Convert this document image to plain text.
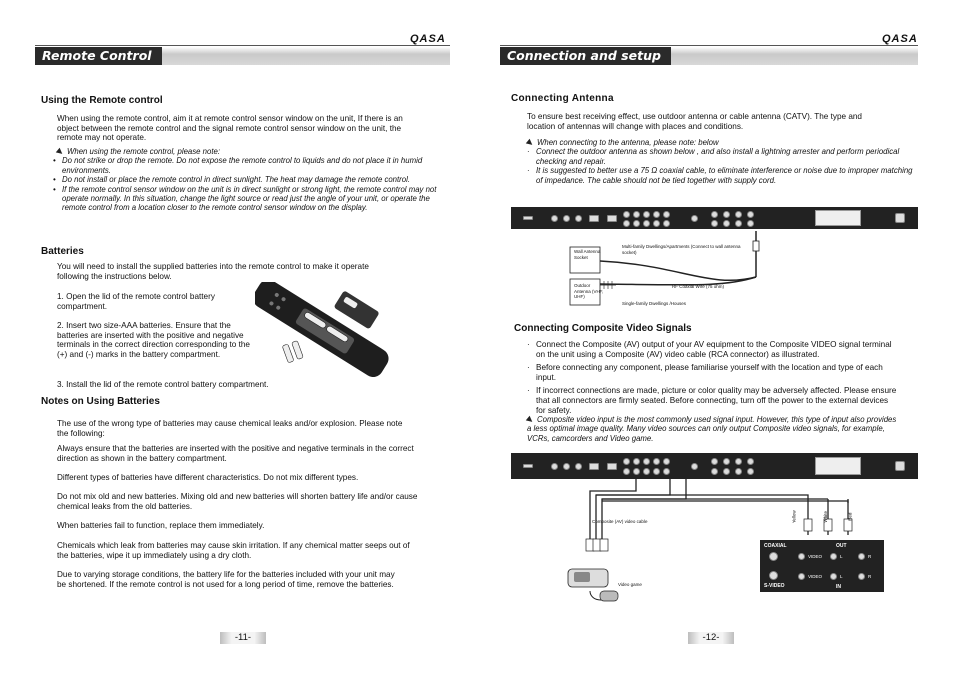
QASA
Remote Control
Using the Remote control

When using the remote control, aim it at remote control sensor window on the unit, If there is an object between the remote control and the signal remote control sensor window on the unit, the remote may not operate.

When using the remote control, please note:

• Do not strike or drop the remote. Do not expose the remote control to liquids and do not place it in humid environments.
• Do not install or place the remote control in direct sunlight. The heat may damage the remote control.
• If the remote control sensor window on the unit is in direct sunlight or strong light, the remote control may not operate normally. In this situation, change the light source or read just the angle of your unit, or operate the remote control from a location closer to the remote control sensor window on the display.
Batteries

You will need to install the supplied batteries into the remote control to make it operate following the instructions below.

1. Open the lid of the remote control battery compartment.

2. Insert two size-AAA batteries. Ensure that the batteries are inserted with the positive and negative terminals in the correct direction corresponding to the (+) and (-) marks in the battery compartment.

3. Install the lid of the remote control battery compartment.

Notes on Using Batteries

The use of the wrong type of batteries may cause chemical leaks and/or explosion. Please note the following:

Always ensure that the batteries are inserted with the positive and negative terminals in the correct direction as shown in the battery compartment.

Different types of batteries have different characteristics. Do not mix different types.

Do not mix old and new batteries. Mixing old and new batteries will shorten battery life and/or cause chemical leaks from the old batteries.

When batteries fail to function, replace them immediately.

Chemicals which leak from batteries may cause skin irritation. If any chemical matter seeps out of the batteries, wipe it up immediately using a dry cloth.

Due to varying storage conditions, the battery life for the batteries included with your unit may be shortened. If the remote control is not used for a long period of time, remove the batteries.

-11-
QASA
Connection and setup
Connecting Antenna

To ensure best receiving effect, use outdoor antenna or cable antenna (CATV). The type and location of antennas will change with places and conditions.

When connecting to the antenna, please note: below

· Connect the outdoor antenna as shown below , and also install a lightning arrester and perform periodical checking and repair.
· It is suggested to better use a 75 Ω coaxial cable, to eliminate interference or noise due to improper matching of impedance. The cable should not be tied together with supply cord.
Wall Antenna Socket
Multi-family Dwellings/Apartments (Connect to wall antenna socket)
Outdoor Antenna (VHF, UHF)
RF Coaxial Wire (75 ohm)
Single-family Dwellings /Houses
Connecting Composite Video Signals
· Connect the Composite (AV) output of your AV equipment to the Composite VIDEO signal terminal on the unit using a Composite (AV) video cable (RCA connector) as illustrated.
· Before connecting any component, please familiarise yourself with the location and type of each input.
· If incorrect connections are made, picture or color quality may be adversely affected. Please ensure that all connectors are firmly seated. Before connecting, turn off the power to the external devices for safety.
Composite video input is the most commonly used signal input. However, this type of input also provides a less optimal image quality. Many video sources can only output Composite video signals, for example, VCRs, camcorders and Video game.
Composite (AV) video cable
Video game
Yellow	White	Red
COAXIAL	OUT
VIDEO	L	R
S-VIDEO
VIDEO	L	R
IN
-12-
